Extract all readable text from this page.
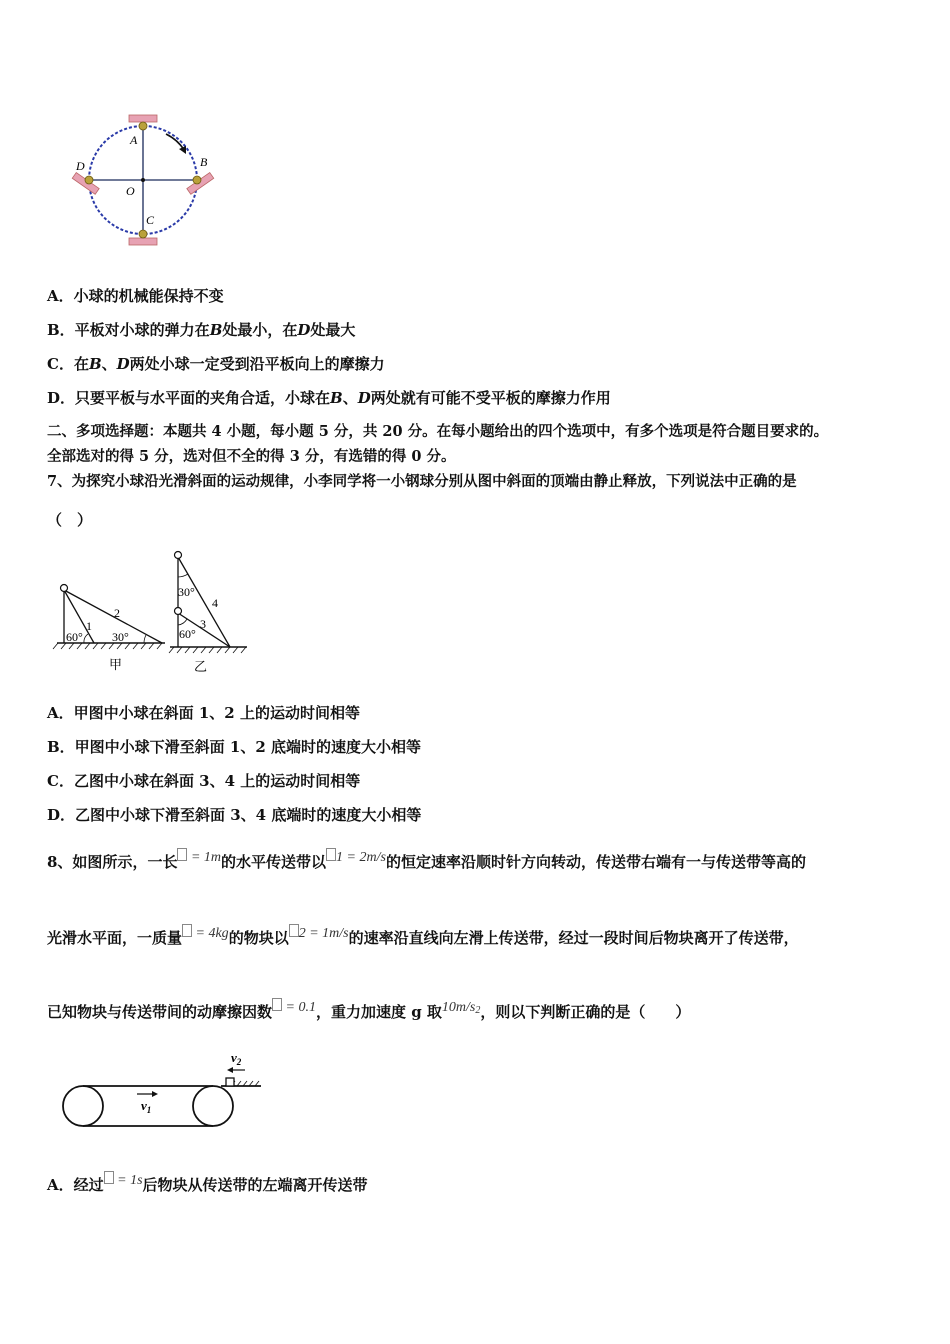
A
B
C
D
O
A．小球的机械能保持不变
B．平板对小球的弹力在B处最小，在D处最大
C．在B、D两处小球一定受到沿平板向上的摩擦力
D．只要平板与水平面的夹角合适，小球在B、D两处就有可能不受平板的摩擦力作用
二、多项选择题：本题共 4 小题，每小题 5 分，共 20 分。在每小题给出的四个选项中，有多个选项是符合题目要求的。
全部选对的得 5 分，选对但不全的得 3 分，有选错的得 0 分。
7、为探究小球沿光滑斜面的运动规律，小李同学将一小钢球分别从图中斜面的顶端由静止释放，下列说法中正确的是
（　）
60° 30°
1
2
甲
30°
60°
3
4
乙
A．甲图中小球在斜面 1、2 上的运动时间相等
B．甲图中小球下滑至斜面 1、2 底端时的速度大小相等
C．乙图中小球在斜面 3、4 上的运动时间相等
D．乙图中小球下滑至斜面 3、4 底端时的速度大小相等
8、如图所示，一长 = 1m的水平传送带以 1 = 2m/s的恒定速率沿顺时针方向转动，传送带右端有一与传送带等高的
光滑水平面，一质量 = 4kg的物块以 2 = 1m/s的速率沿直线向左滑上传送带，经过一段时间后物块离开了传送带，
已知物块与传送带间的动摩擦因数 = 0.1，重力加速度 g 取$10m/s^2$，则以下判断正确的是（　　）
$v_1$
$v_2$
A．经过 = 1s后物块从传送带的左端离开传送带
